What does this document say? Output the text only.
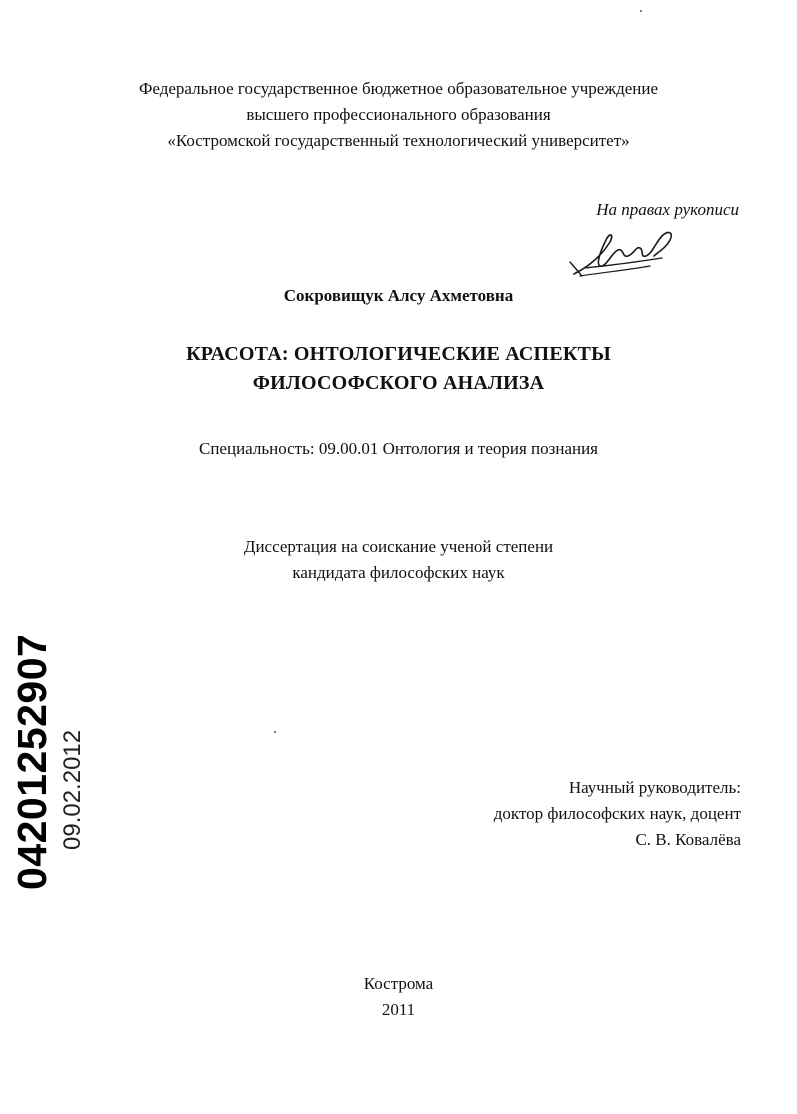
Федеральное государственное бюджетное образовательное учреждение
высшего профессионального образования
«Костромской государственный технологический университет»
На правах рукописи
Сокровищук Алсу Ахметовна
КРАСОТА: ОНТОЛОГИЧЕСКИЕ АСПЕКТЫ
ФИЛОСОФСКОГО АНАЛИЗА
Специальность: 09.00.01 Онтология и теория познания
Диссертация на соискание ученой степени
кандидата философских наук
Научный руководитель:
доктор философских наук, доцент
С. В. Ковалёва
Кострома
2011
04201252907 09.02.2012
